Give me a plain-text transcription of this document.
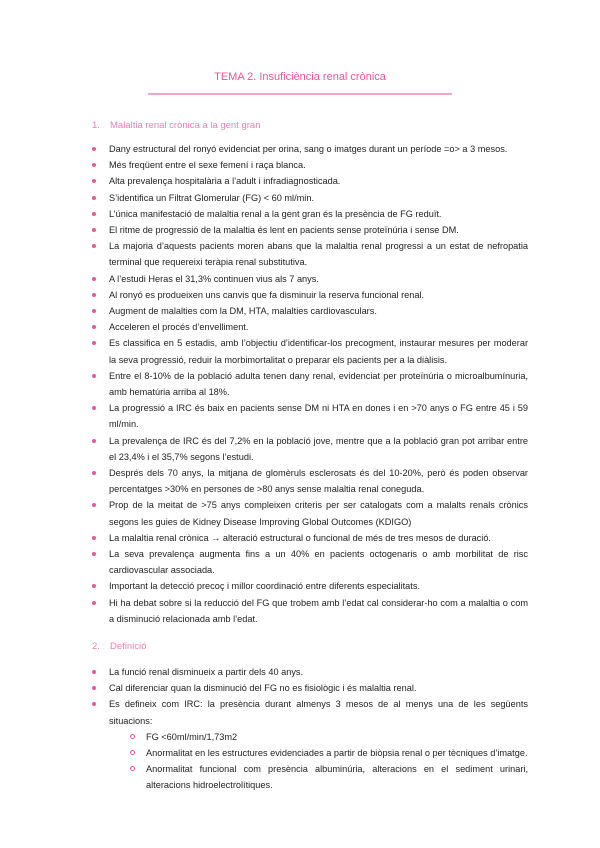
TEMA 2. Insuficiència renal crònica
1. Malaltia renal crònica a la gent gran
Dany estructural del ronyó evidenciat per orina, sang o imatges durant un període =o> a 3 mesos.
Més freqüent entre el sexe femení i raça blanca.
Alta prevalença hospitalària a l’adult i infradiagnosticada.
S’identifica un Filtrat Glomerular (FG) < 60 ml/min.
L’única manifestació de malaltia renal a la gent gran és la presència de FG reduït.
El ritme de progressió de la malaltia és lent en pacients sense proteïnúria i sense DM.
La majoria d’aquests pacients moren abans que la malaltia renal progressi a un estat de nefropatia terminal que requereixi teràpia renal substitutiva.
A l’estudi Heras el 31,3% continuen vius als 7 anys.
Al ronyó es produeixen uns canvis que fa disminuir la reserva funcional renal.
Augment de malalties com la DM, HTA, malalties cardiovasculars.
Acceleren el procés d’envelliment.
Es classifica en 5 estadis, amb l’objectiu d’identificar-los precogment, instaurar mesures per moderar la seva progressió, reduir la morbimortalitat o preparar els pacients per a la diàlisis.
Entre el 8-10% de la població adulta tenen dany renal, evidenciat per proteïnúria o microalbumínuria, amb hematúria arriba al 18%.
La progressió a IRC és baix en pacients sense DM ni HTA en dones i en >70 anys o FG entre 45 i 59 ml/min.
La prevalença de IRC és del 7,2% en la població jove, mentre que a la població gran pot arribar entre el 23,4% i el 35,7% segons l’estudi.
Després dels 70 anys, la mitjana de glomèruls esclerosats és del 10-20%, però és poden observar percentatges >30% en persones de >80 anys sense malaltia renal coneguda.
Prop de la meitat de >75 anys compleixen criteris per ser catalogats com a malalts renals crònics segons les guies de Kidney Disease Improving Global Outcomes (KDIGO)
La malaltia renal crònica → alteració estructural o funcional de més de tres mesos de duració.
La seva prevalença augmenta fins a un 40% en pacients octogenaris o amb morbilitat de risc cardiovascular associada.
Important la detecció precoç i millor coordinació entre diferents especialitats.
Hi ha debat sobre si la reducció del FG que trobem amb l’edat cal considerar-ho com a malaltia o com a disminució relacionada amb l’edat.
2. Definició
La funció renal disminueix a partir dels 40 anys.
Cal diferenciar quan la disminució del FG no es fisiològic i és malaltia renal.
Es defineix com IRC: la presència durant almenys 3 mesos de al menys una de les següents situacions:
FG <60ml/min/1,73m2
Anormalitat en les estructures evidenciades a partir de biòpsia renal o per tècniques d’imatge.
Anormalitat funcional com presència albuminúria, alteracions en el sediment urinari, alteracions hidroelectrolítiques.
